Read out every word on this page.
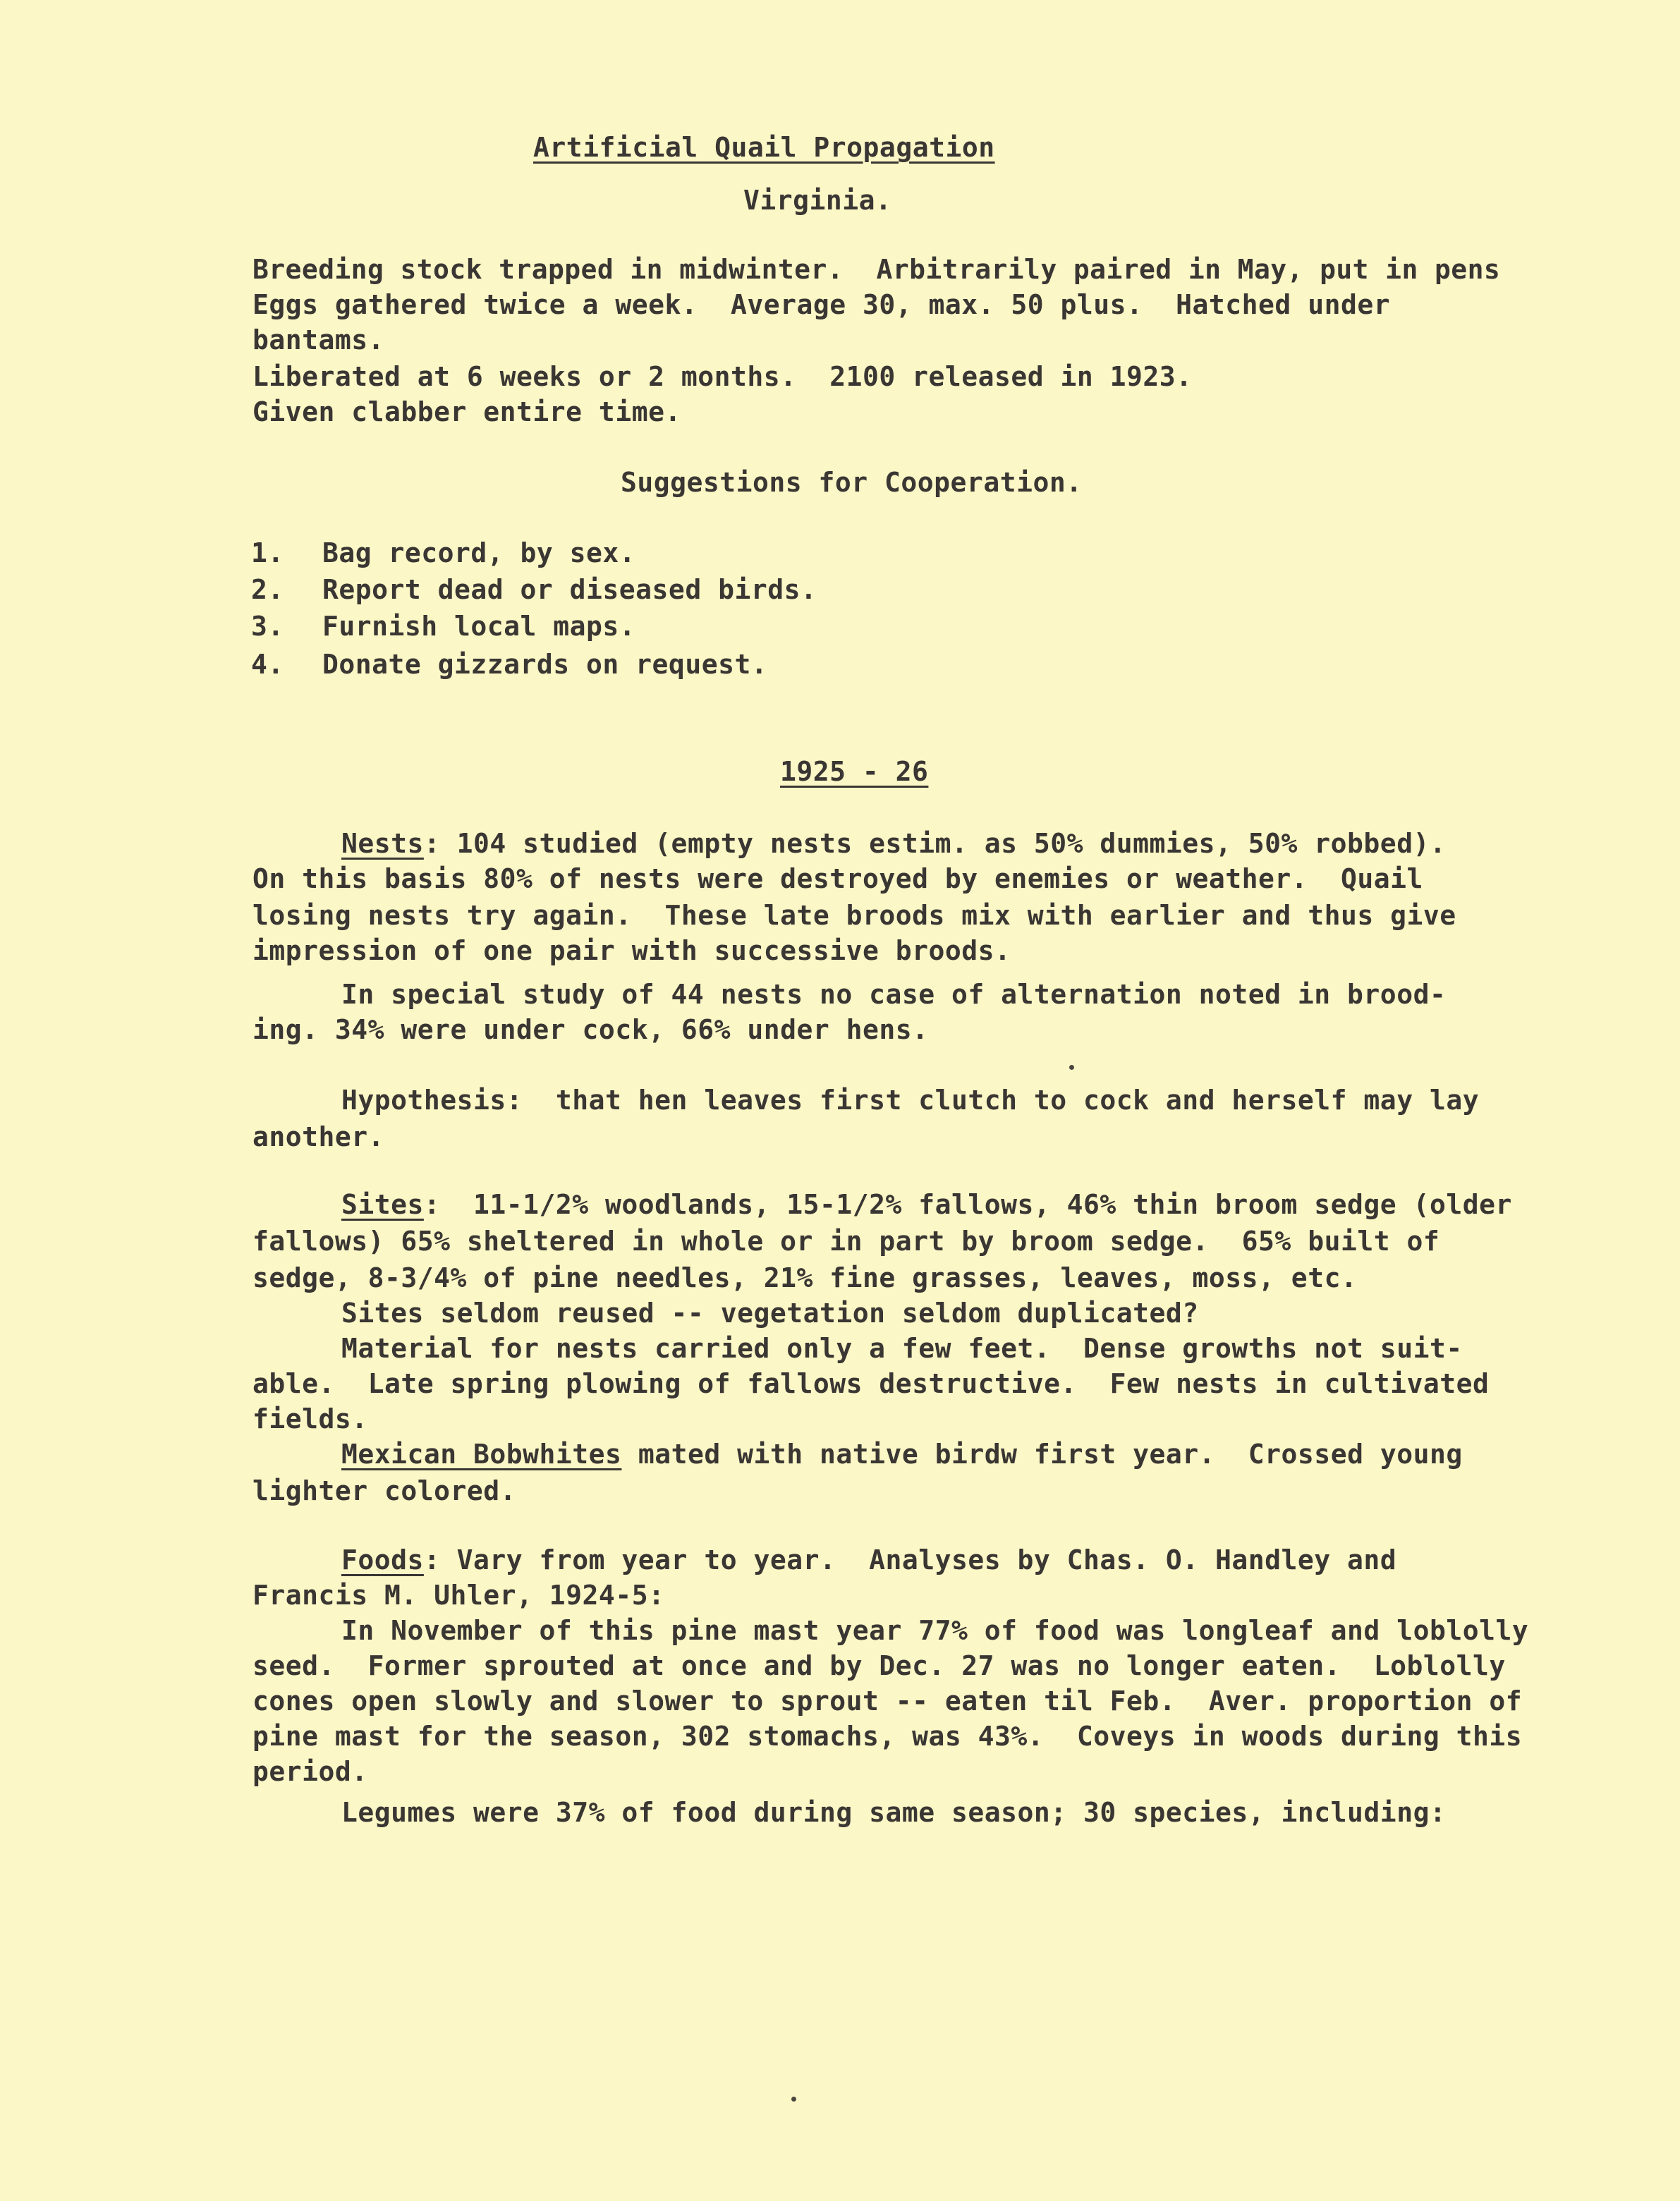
Artificial Quail Propagation
Virginia.
Breeding stock trapped in midwinter.  Arbitrarily paired in May, put in pens
Eggs gathered twice a week.  Average 30, max. 50 plus.  Hatched under
bantams.
Liberated at 6 weeks or 2 months.  2100 released in 1923.
Given clabber entire time.
Suggestions for Cooperation.
1. Bag record, by sex.
2. Report dead or diseased birds.
3. Furnish local maps.
4. Donate gizzards on request.
1925 - 26
Nests: 104 studied (empty nests estim. as 50% dummies, 50% robbed).
On this basis 80% of nests were destroyed by enemies or weather.  Quail
losing nests try again.  These late broods mix with earlier and thus give
impression of one pair with successive broods.
In special study of 44 nests no case of alternation noted in brood-
ing. 34% were under cock, 66% under hens.
Hypothesis:  that hen leaves first clutch to cock and herself may lay
another.
Sites:  11-1/2% woodlands, 15-1/2% fallows, 46% thin broom sedge (older
fallows) 65% sheltered in whole or in part by broom sedge.  65% built of
sedge, 8-3/4% of pine needles, 21% fine grasses, leaves, moss, etc.
Sites seldom reused -- vegetation seldom duplicated?
Material for nests carried only a few feet.  Dense growths not suit-
able.  Late spring plowing of fallows destructive.  Few nests in cultivated
fields.
Mexican Bobwhites mated with native birdw first year.  Crossed young
lighter colored.
Foods: Vary from year to year.  Analyses by Chas. O. Handley and
Francis M. Uhler, 1924-5:
In November of this pine mast year 77% of food was longleaf and loblolly
seed.  Former sprouted at once and by Dec. 27 was no longer eaten.  Loblolly
cones open slowly and slower to sprout -- eaten til Feb.  Aver. proportion of
pine mast for the season, 302 stomachs, was 43%.  Coveys in woods during this
period.
Legumes were 37% of food during same season; 30 species, including:
